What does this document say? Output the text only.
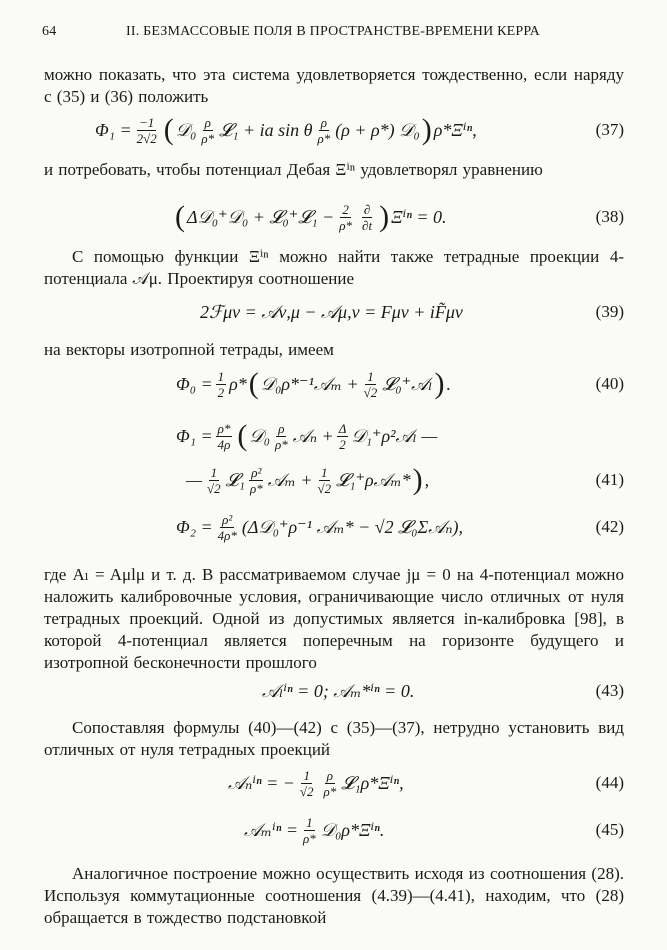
64	II. БЕЗМАССОВЫЕ ПОЛЯ В ПРОСТРАНСТВЕ-ВРЕМЕНИ КЕРРА
можно показать, что эта система удовлетворяется тождественно, если наряду с (35) и (36) положить
$\Phi_1 = \frac{-1}{2√2}$ ( 𝒟₀ $\frac{\rho}{\rho*}$ 𝓛₁ + ia sin θ $\frac{\rho}{\rho*} (\rho + \rho*)$ 𝒟₀ ) ρ*Ξⁱⁿ,	(37)
и потребовать, чтобы потенциал Дебая Ξⁱⁿ удовлетворял уравнению
( Δ𝒟₀⁺𝒟₀ + 𝓛₀⁺𝓛₁ − $\frac{2}{\rho*} \frac{\partial}{\partial t}$ ) Ξⁱⁿ = 0.	(38)
С помощью функции Ξⁱⁿ можно найти также тетрадные проекции 4-потенциала 𝒜μ. Проектируя соотношение
2ℱμν = 𝒜ν,μ − 𝒜μ,ν = Fμν + iF̃μν	(39)
на векторы изотропной тетрады, имеем
$\Phi_0 = \frac{1}{2} \rho*$ ( 𝒟₀ρ*⁻¹𝒜ₘ + $\frac{1}{√2}$ 𝓛₀⁺𝒜ₗ ) .	(40)
$\Phi_1 = \frac{\rho*}{4\rho}$ ( 𝒟₀ $\frac{\rho}{\rho*}$ 𝒜ₙ + $\frac{\Delta}{2}$ 𝒟₁⁺ρ²𝒜ₗ —
— $\frac{1}{√2}$ 𝓛₁ $\frac{\text{ρ²}}{\rho*}$ 𝒜ₘ + $\frac{1}{√2}$ 𝓛₁⁺ρ𝒜ₘ* ) ,	(41)
$\Phi_2 = \frac{\text{ρ²}}{4\rho*}$ (Δ𝒟₀⁺ρ⁻¹ 𝒜ₘ* − √2 𝓛₀Σ𝒜ₙ),	(42)
где Aₗ = Aμlμ и т. д. В рассматриваемом случае jμ = 0 на 4-потенциал можно наложить калибровочные условия, ограничивающие число отличных от нуля тетрадных проекций. Одной из допустимых является in-калибровка [98], в которой 4-потенциал является поперечным на горизонте будущего и изотропной бесконечности прошлого
𝒜ₗⁱⁿ = 0; 𝒜ₘ*ⁱⁿ = 0.	(43)
Сопоставляя формулы (40)—(42) с (35)—(37), нетрудно установить вид отличных от нуля тетрадных проекций
𝒜ₙⁱⁿ = − $\frac{1}{√2} \frac{\rho}{\rho*}$ 𝓛₁ρ*Ξⁱⁿ,	(44)
𝒜ₘⁱⁿ = $\frac{1}{\rho*}$ 𝒟₀ρ*Ξⁱⁿ.	(45)
Аналогичное построение можно осуществить исходя из соотношения (28). Используя коммутационные соотношения (4.39)—(4.41), находим, что (28) обращается в тождество подстановкой
